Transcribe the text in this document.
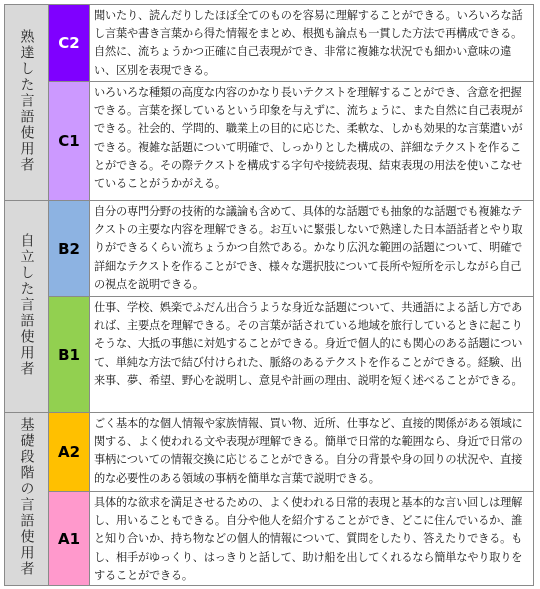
熟達した言語使用者	C2	聞いたり、読んだりしたほぼ全てのものを容易に理解することができる。いろいろな話し言葉や書き言葉から得た情報をまとめ、根拠も論点も一貫した方法で再構成できる。自然に、流ちょうかつ正確に自己表現ができ、非常に複雑な状況でも細かい意味の違い、区別を表現できる。
	C1	いろいろな種類の高度な内容のかなり長いテクストを理解することができ、含意を把握できる。言葉を探しているという印象を与えずに、流ちょうに、また自然に自己表現ができる。社会的、学問的、職業上の目的に応じた、柔軟な、しかも効果的な言葉遣いができる。複雑な話題について明確で、しっかりとした構成の、詳細なテクストを作ることができる。その際テクストを構成する字句や接続表現、結束表現の用法を使いこなせていることがうかがえる。
自立した言語使用者	B2	自分の専門分野の技術的な議論も含めて、具体的な話題でも抽象的な話題でも複雑なテクストの主要な内容を理解できる。お互いに緊張しないで熟達した日本語話者とやり取りができるくらい流ちょうかつ自然である。かなり広汎な範囲の話題について、明確で詳細なテクストを作ることができ、様々な選択肢について長所や短所を示しながら自己の視点を説明できる。
	B1	仕事、学校、娯楽でふだん出合うような身近な話題について、共通語による話し方であれば、主要点を理解できる。その言葉が話されている地域を旅行しているときに起こりそうな、大抵の事態に対処することができる。身近で個人的にも関心のある話題について、単純な方法で結び付けられた、脈絡のあるテクストを作ることができる。経験、出来事、夢、希望、野心を説明し、意見や計画の理由、説明を短く述べることができる。
基礎段階の言語使用者	A2	ごく基本的な個人情報や家族情報、買い物、近所、仕事など、直接的関係がある領域に関する、よく使われる文や表現が理解できる。簡単で日常的な範囲なら、身近で日常の事柄についての情報交換に応じることができる。自分の背景や身の回りの状況や、直接的な必要性のある領域の事柄を簡単な言葉で説明できる。
	A1	具体的な欲求を満足させるための、よく使われる日常的表現と基本的な言い回しは理解し、用いることもできる。自分や他人を紹介することができ、どこに住んでいるか、誰と知り合いか、持ち物などの個人的情報について、質問をしたり、答えたりできる。もし、相手がゆっくり、はっきりと話して、助け船を出してくれるなら簡単なやり取りをすることができる。
